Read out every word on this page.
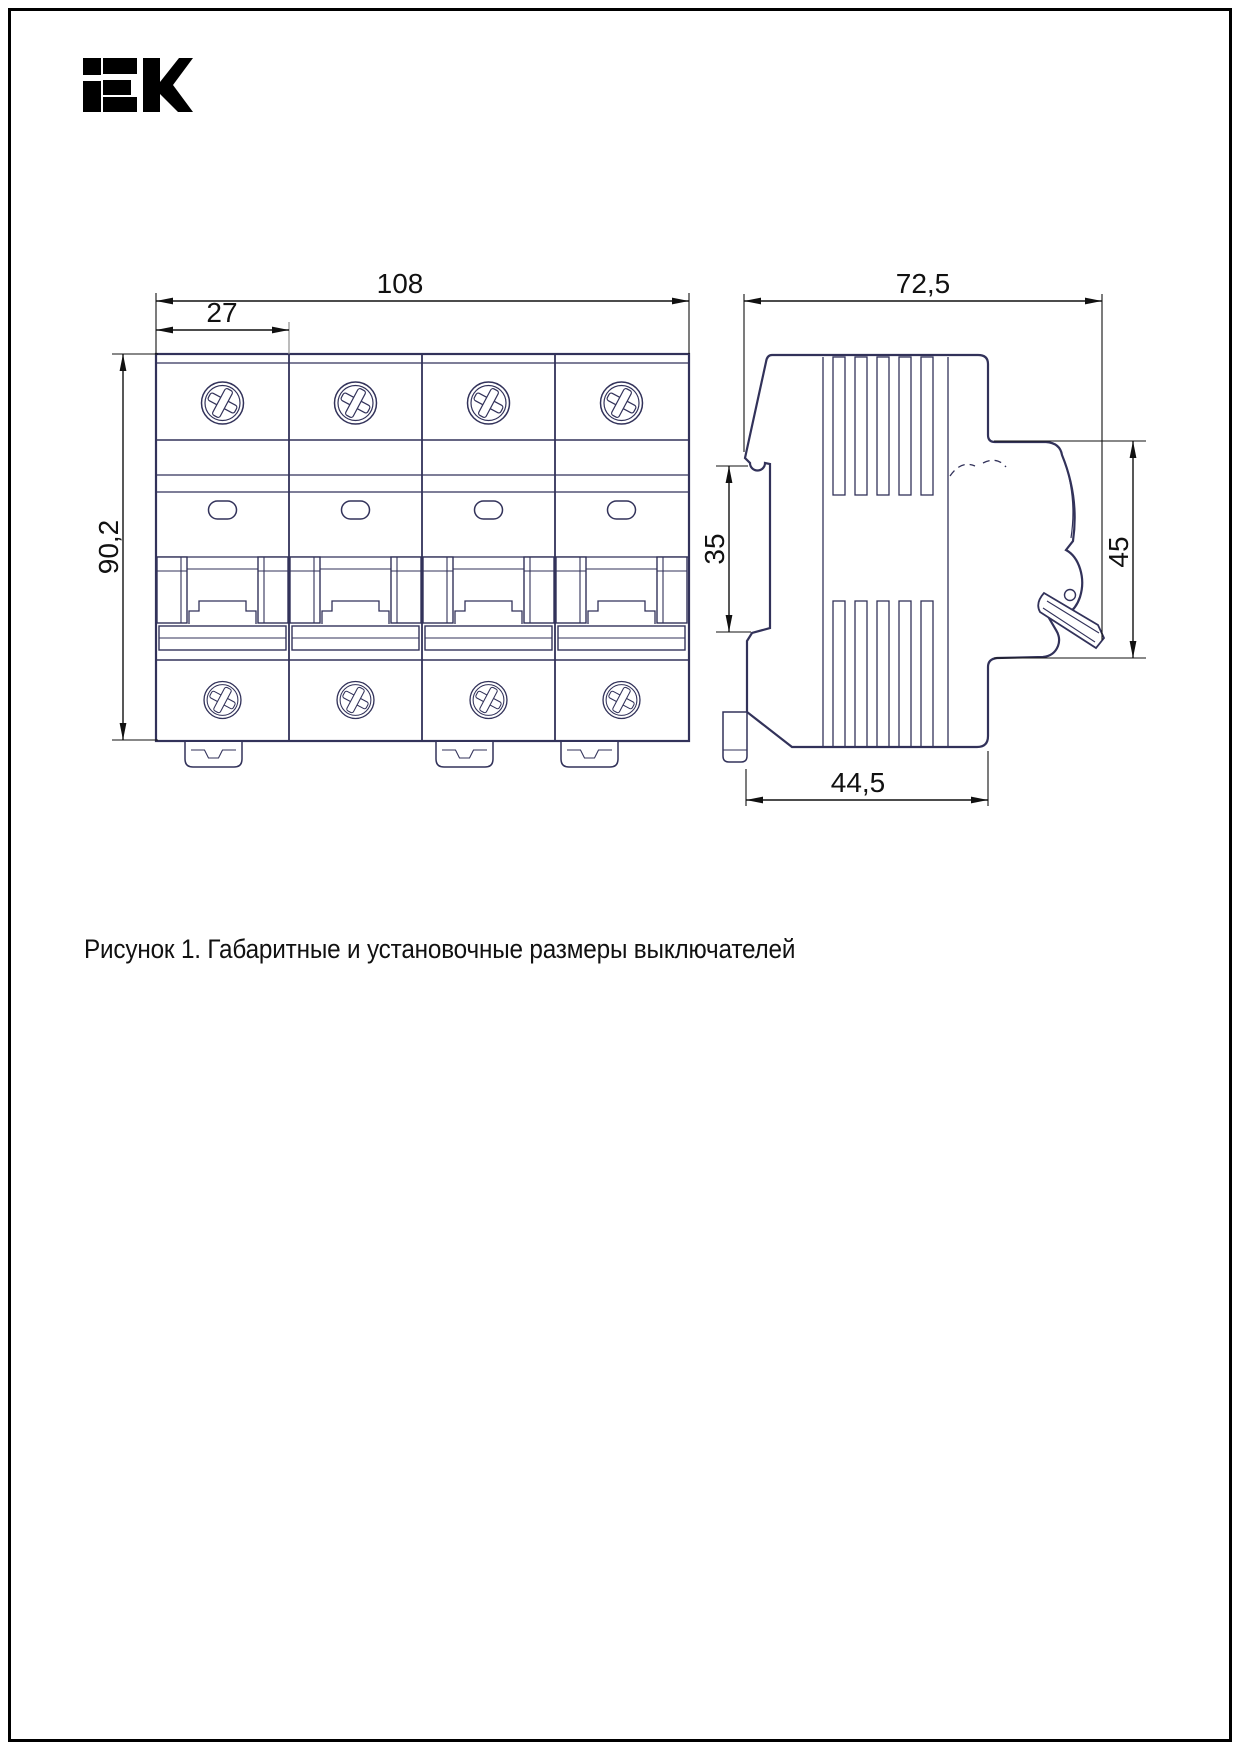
108
27
90,2
72,5
35	45
44,5
Рисунок 1. Габаритные и установочные размеры выключателей
